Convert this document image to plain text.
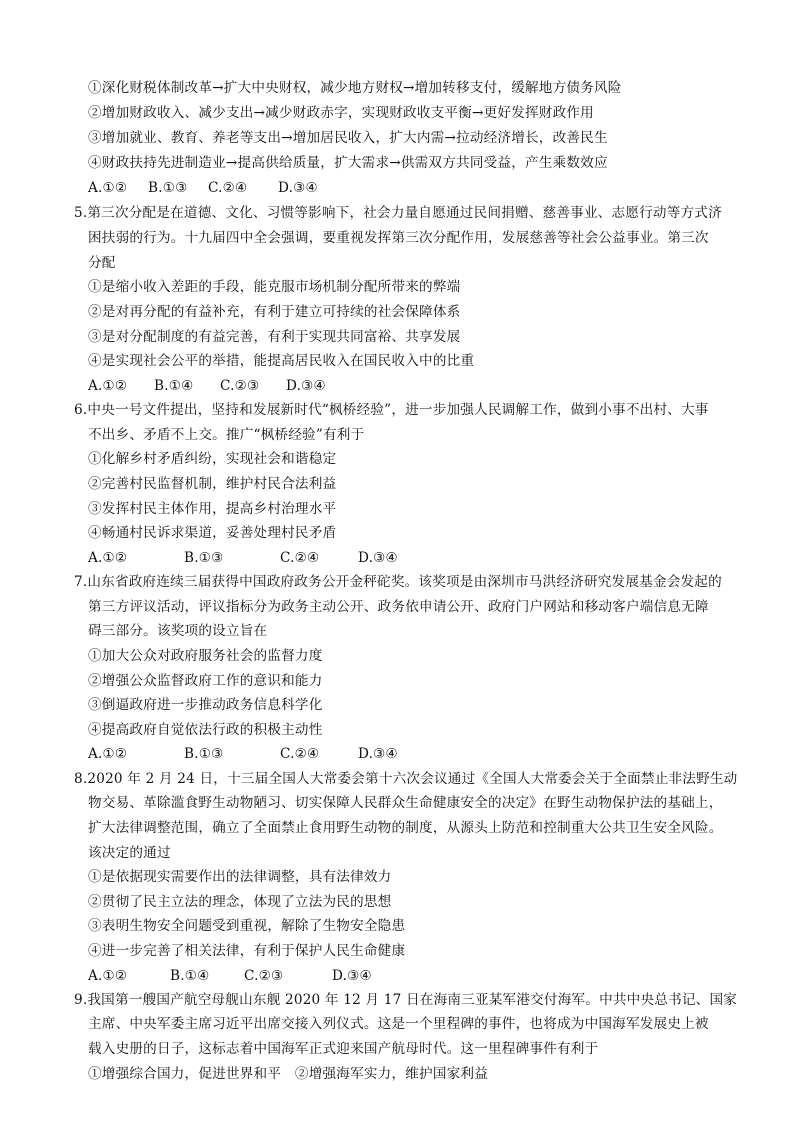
①深化财税体制改革→扩大中央财权，减少地方财权→增加转移支付，缓解地方债务风险
②增加财政收入、减少支出→减少财政赤字，实现财政收支平衡→更好发挥财政作用
③增加就业、教育、养老等支出→增加居民收入，扩大内需→拉动经济增长，改善民生
④财政扶持先进制造业→提高供给质量，扩大需求→供需双方共同受益，产生乘数效应
A.①②	B.①③	C.②④	D.③④
5.第三次分配是在道德、文化、习惯等影响下，社会力量自愿通过民间捐赠、慈善事业、志愿行动等方式济
困扶弱的行为。十九届四中全会强调，要重视发挥第三次分配作用，发展慈善等社会公益事业。第三次
分配
①是缩小收入差距的手段，能克服市场机制分配所带来的弊端
②是对再分配的有益补充，有利于建立可持续的社会保障体系
③是对分配制度的有益完善，有利于实现共同富裕、共享发展
④是实现社会公平的举措，能提高居民收入在国民收入中的比重
A.①②	B.①④	C.②③	D.③④
6.中央一号文件提出，坚持和发展新时代“枫桥经验”，进一步加强人民调解工作，做到小事不出村、大事
不出乡、矛盾不上交。推广“枫桥经验”有利于
①化解乡村矛盾纠纷，实现社会和谐稳定
②完善村民监督机制，维护村民合法利益
③发挥村民主体作用，提高乡村治理水平
④畅通村民诉求渠道，妥善处理村民矛盾
A.①②	B.①③	C.②④	D.③④
7.山东省政府连续三届获得中国政府政务公开金秤砣奖。该奖项是由深圳市马洪经济研究发展基金会发起的
第三方评议活动，评议指标分为政务主动公开、政务依申请公开、政府门户网站和移动客户端信息无障
碍三部分。该奖项的设立旨在
①加大公众对政府服务社会的监督力度
②增强公众监督政府工作的意识和能力
③倒逼政府进一步推动政务信息科学化
④提高政府自觉依法行政的积极主动性
A.①②	B.①③	C.②④	D.③④
8.2020 年 2 月 24 日，十三届全国人大常委会第十六次会议通过《全国人大常委会关于全面禁止非法野生动
物交易、革除滥食野生动物陋习、切实保障人民群众生命健康安全的决定》在野生动物保护法的基础上，
扩大法律调整范围，确立了全面禁止食用野生动物的制度，从源头上防范和控制重大公共卫生安全风险。
该决定的通过
①是依据现实需要作出的法律调整，具有法律效力
②贯彻了民主立法的理念，体现了立法为民的思想
③表明生物安全问题受到重视，解除了生物安全隐患
④进一步完善了相关法律，有利于保护人民生命健康
A.①②	B.①④	C.②③	D.③④
9.我国第一艘国产航空母舰山东舰 2020 年 12 月 17 日在海南三亚某军港交付海军。中共中央总书记、国家
主席、中央军委主席习近平出席交接入列仪式。这是一个里程碑的事件，也将成为中国海军发展史上被
载入史册的日子，这标志着中国海军正式迎来国产航母时代。这一里程碑事件有利于
①增强综合国力，促进世界和平　②增强海军实力，维护国家利益
